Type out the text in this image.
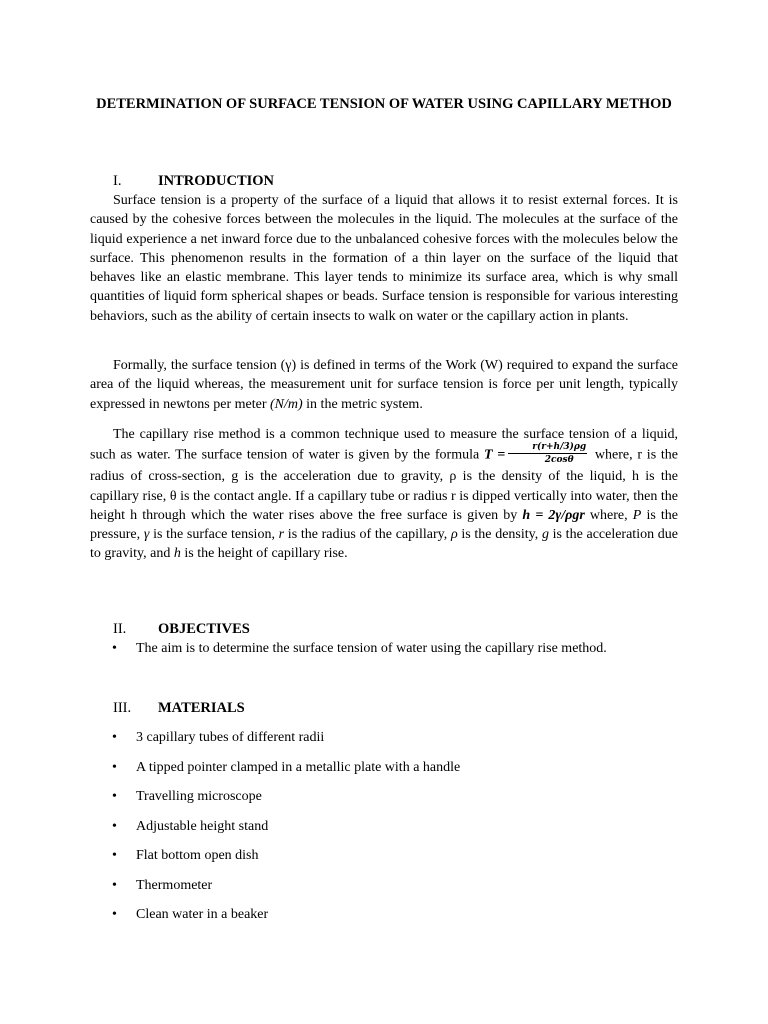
DETERMINATION OF SURFACE TENSION OF WATER USING CAPILLARY METHOD
I.	INTRODUCTION

Surface tension is a property of the surface of a liquid that allows it to resist external forces. It is caused by the cohesive forces between the molecules in the liquid. The molecules at the surface of the liquid experience a net inward force due to the unbalanced cohesive forces with the molecules below the surface. This phenomenon results in the formation of a thin layer on the surface of the liquid that behaves like an elastic membrane. This layer tends to minimize its surface area, which is why small quantities of liquid form spherical shapes or beads. Surface tension is responsible for various interesting behaviors, such as the ability of certain insects to walk on water or the capillary action in plants.

Formally, the surface tension (γ) is defined in terms of the Work (W) required to expand the surface area of the liquid whereas, the measurement unit for surface tension is force per unit length, typically expressed in newtons per meter (N/m) in the metric system.

The capillary rise method is a common technique used to measure the surface tension of a liquid, such as water. The surface tension of water is given by the formula $T = \frac{r(r+h/3)\rho g}{2\cos\theta}$ where, r is the radius of cross-section, g is the acceleration due to gravity, ρ is the density of the liquid, h is the capillary rise, θ is the contact angle. If a capillary tube or radius r is dipped vertically into water, then the height h through which the water rises above the free surface is given by h = 2γ/ρgr where, P is the pressure, γ is the surface tension, r is the radius of the capillary, ρ is the density, g is the acceleration due to gravity, and h is the height of capillary rise.

II. OBJECTIVES
• The aim is to determine the surface tension of water using the capillary rise method.
III. MATERIALS
• 3 capillary tubes of different radii
• A tipped pointer clamped in a metallic plate with a handle
• Travelling microscope
• Adjustable height stand
• Flat bottom open dish
• Thermometer
• Clean water in a beaker
